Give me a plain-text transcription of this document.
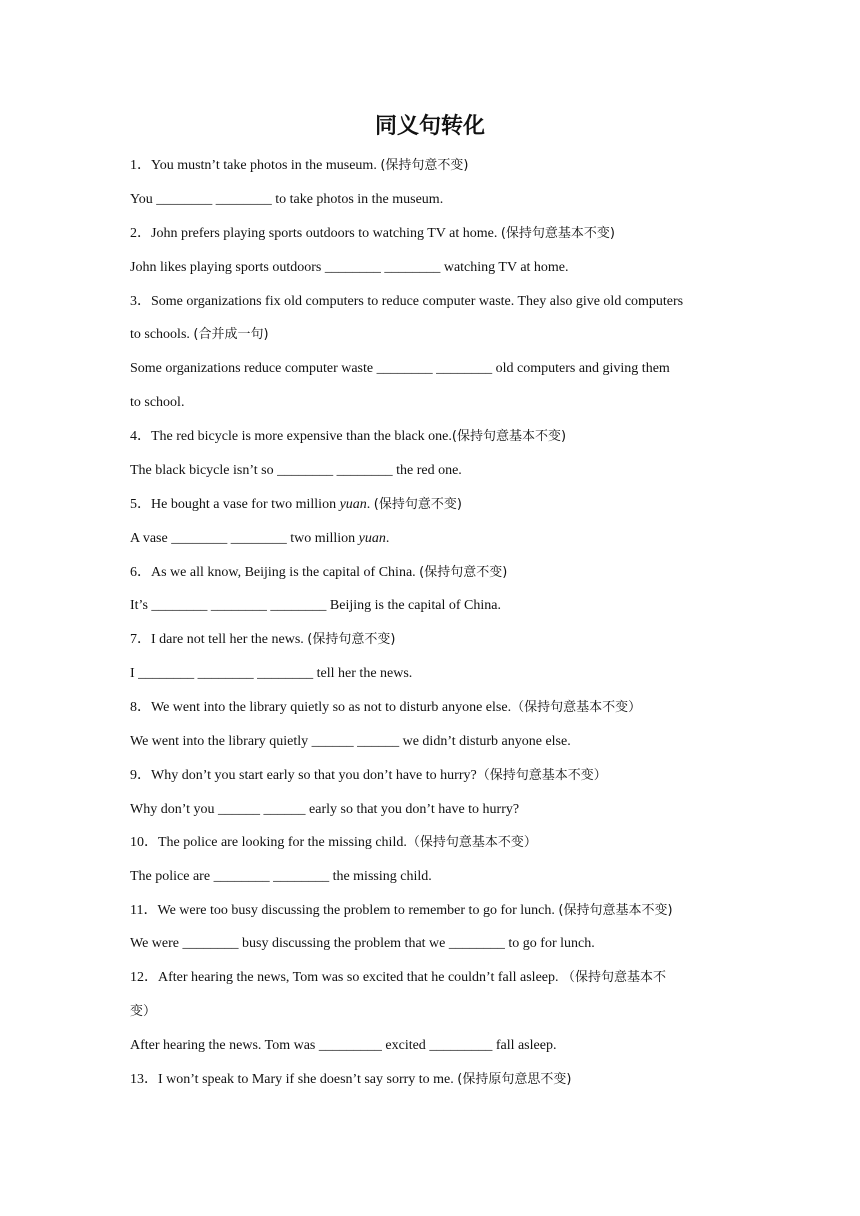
同义句转化
1．You mustn’t take photos in the museum. (保持句意不变)
You ________ ________ to take photos in the museum.
2．John prefers playing sports outdoors to watching TV at home. (保持句意基本不变)
John likes playing sports outdoors ________ ________ watching TV at home.
3．Some organizations fix old computers to reduce computer waste. They also give old computers
to schools. (合并成一句)
Some organizations reduce computer waste ________ ________ old computers and giving them
to school.
4．The red bicycle is more expensive than the black one.(保持句意基本不变)
The black bicycle isn’t so ________ ________ the red one.
5．He bought a vase for two million yuan. (保持句意不变)
A vase ________ ________ two million yuan.
6．As we all know, Beijing is the capital of China. (保持句意不变)
It’s ________ ________ ________ Beijing is the capital of China.
7．I dare not tell her the news. (保持句意不变)
I ________ ________ ________ tell her the news.
8．We went into the library quietly so as not to disturb anyone else.（保持句意基本不变）
We went into the library quietly ______ ______ we didn’t disturb anyone else.
9．Why don’t you start early so that you don’t have to hurry?（保持句意基本不变）
Why don’t you ______ ______ early so that you don’t have to hurry?
10．The police are looking for the missing child.（保持句意基本不变）
The police are ________ ________ the missing child.
11．We were too busy discussing the problem to remember to go for lunch. (保持句意基本不变)
We were ________ busy discussing the problem that we ________ to go for lunch.
12．After hearing the news, Tom was so excited that he couldn’t fall asleep. （保持句意基本不
变）
After hearing the news. Tom was _________ excited _________ fall asleep.
13．I won’t speak to Mary if she doesn’t say sorry to me. (保持原句意思不变)
